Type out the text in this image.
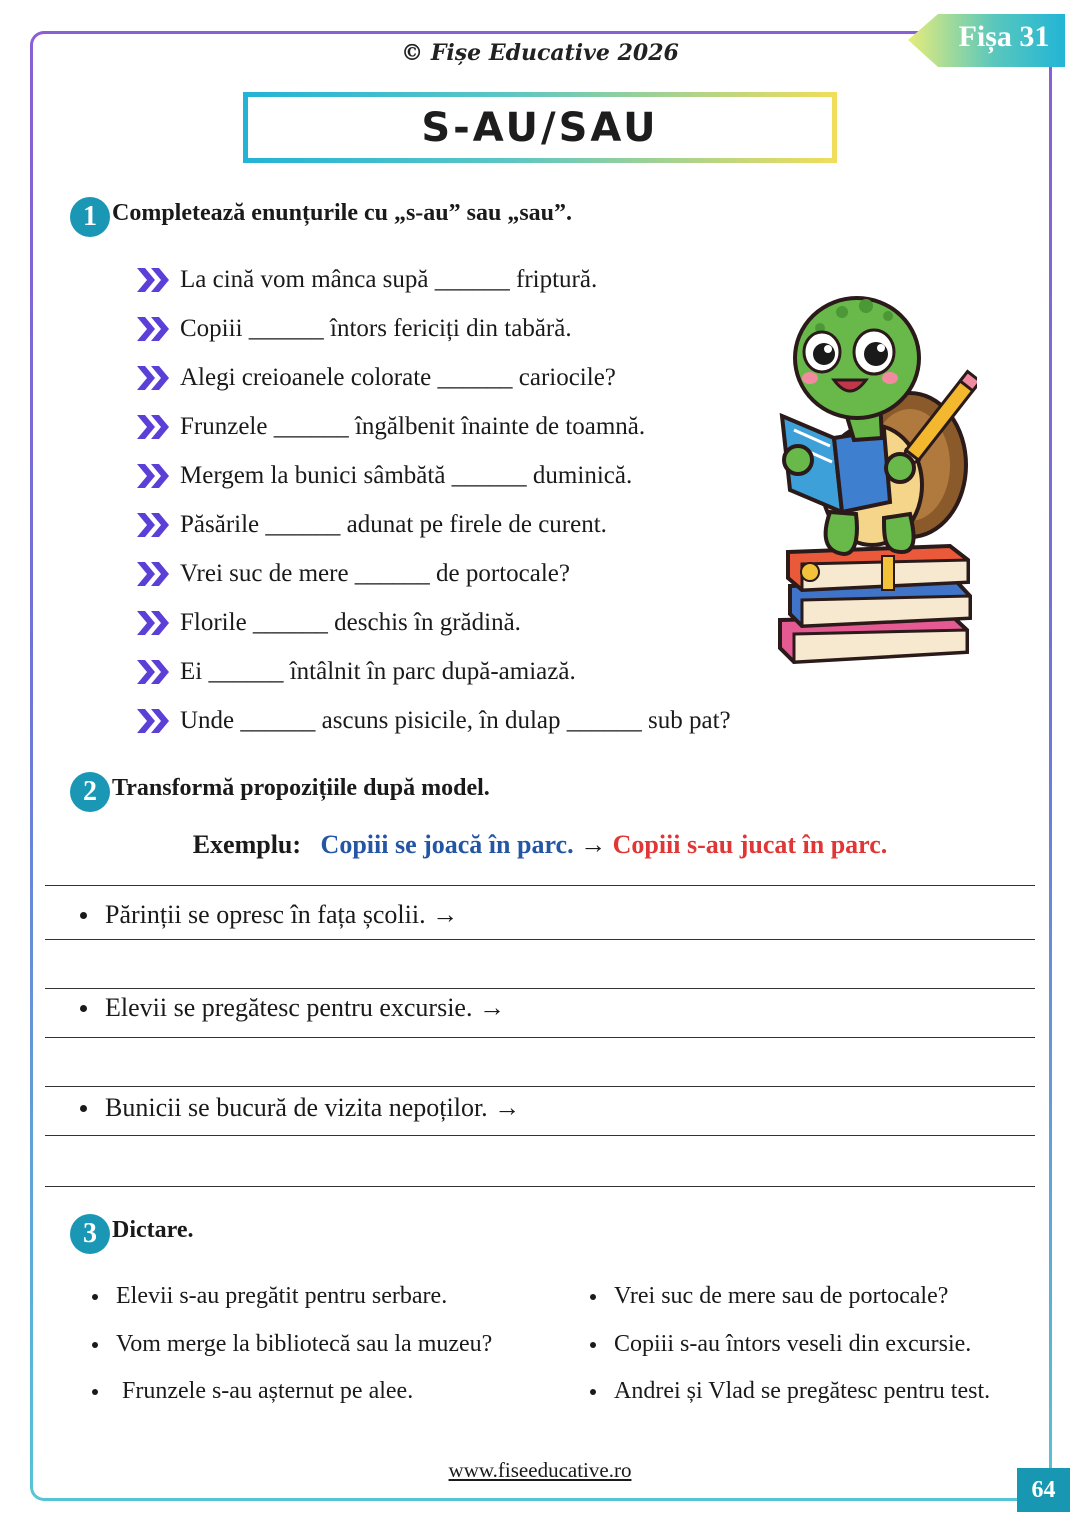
© Fișe Educative 2026	Fișa 31
S-AU/SAU
1 Completează enunțurile cu „s-au” sau „sau”.
La cină vom mânca supă ______ friptură.
Copiii ______ întors fericiți din tabără.
Alegi creioanele colorate ______ cariocile?
Frunzele ______ îngălbenit înainte de toamnă.
Mergem la bunici sâmbătă ______ duminică.
Păsările ______ adunat pe firele de curent.
Vrei suc de mere ______ de portocale?
Florile ______ deschis în grădină.
Ei ______ întâlnit în parc după-amiază.
Unde ______ ascuns pisicile, în dulap ______ sub pat?
2 Transformă propozițiile după model.
Exemplu: Copiii se joacă în parc. → Copiii s-au jucat în parc.
Părinții se opresc în fața școlii. →
Elevii se pregătesc pentru excursie. →
Bunicii se bucură de vizita nepoților. →
3 Dictare.
Elevii s-au pregătit pentru serbare.
Vom merge la bibliotecă sau la muzeu?
Frunzele s-au așternut pe alee.
Vrei suc de mere sau de portocale?
Copiii s-au întors veseli din excursie.
Andrei și Vlad se pregătesc pentru test.
www.fiseeducative.ro
64
